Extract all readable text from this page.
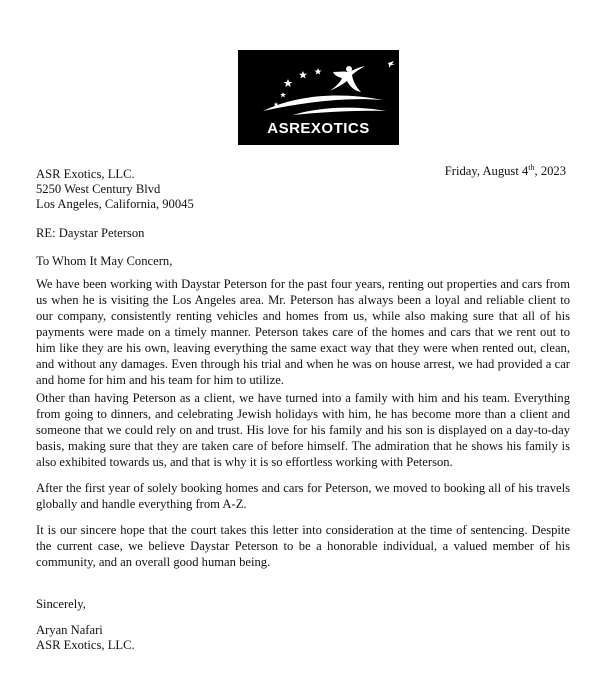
ASREXOTICS
Friday, August 4th, 2023
ASR Exotics, LLC.
5250 West Century Blvd
Los Angeles, California, 90045
RE: Daystar Peterson
To Whom It May Concern,
We have been working with Daystar Peterson for the past four years, renting out properties and cars from us when he is visiting the Los Angeles area. Mr. Peterson has always been a loyal and reliable client to our company, consistently renting vehicles and homes from us, while also making sure that all of his payments were made on a timely manner. Peterson takes care of the homes and cars that we rent out to him like they are his own, leaving everything the same exact way that they were when rented out, clean, and without any damages. Even through his trial and when he was on house arrest, we had provided a car and home for him and his team for him to utilize.
Other than having Peterson as a client, we have turned into a family with him and his team. Everything from going to dinners, and celebrating Jewish holidays with him, he has become more than a client and someone that we could rely on and trust. His love for his family and his son is displayed on a day-to-day basis, making sure that they are taken care of before himself. The admiration that he shows his family is also exhibited towards us, and that is why it is so effortless working with Peterson.
After the first year of solely booking homes and cars for Peterson, we moved to booking all of his travels globally and handle everything from A-Z.
It is our sincere hope that the court takes this letter into consideration at the time of sentencing. Despite the current case, we believe Daystar Peterson to be a honorable individual, a valued member of his community, and an overall good human being.
Sincerely,
Aryan Nafari
ASR Exotics, LLC.
